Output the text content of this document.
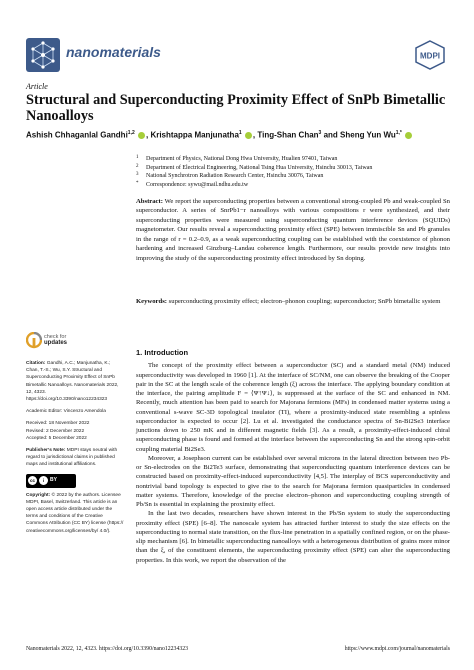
nanomaterials	MDPI
Article
Structural and Superconducting Proximity Effect of SnPb Bimetallic Nanoalloys
Ashish Chhaganlal Gandhi$^{1,2}$ , Krishtappa Manjunatha$^1$ , Ting-Shan Chan$^3$ and Sheng Yun $Wu^{1,*}$
1 Department of Physics, National Dong Hwa University, Hualien 97401, Taiwan
2 Department of Electrical Engineering, National Tsing Hua University, Hsinchu 30013, Taiwan
3 National Synchrotron Radiation Research Center, Hsinchu 30076, Taiwan
* Correspondence: sywu@mail.ndhu.edu.tw
Abstract: We report the superconducting properties between a conventional strong-coupled Pb and weak-coupled Sn superconductor. A series of SnrPb1−r nanoalloys with various compositions r were synthesized, and their superconducting properties were measured using superconducting quantum interference devices (SQUIDs) magnetometer. Our results reveal a superconducting proximity effect (SPE) between immiscible Sn and Pb granules in the range of r = 0.2–0.9, as a weak superconducting coupling can be established with the coexistence of phonon hardening and increased Ginzburg–Landau coherence length. Furthermore, our results provide new insights into improving the study of the superconducting proximity effect introduced by Sn doping.
Keywords: superconducting proximity effect; electron–phonon coupling; superconductor; SnPb bimetallic system
check for
updates
Citation: Gandhi, A.C.; Manjunatha, K.; Chan, T.-S.; Wu, S.Y. Structural and Superconducting Proximity Effect of SnPb Bimetallic Nanoalloys. Nanomaterials 2022, 12, 4323. https://doi.org/10.3390/nano12234323
Academic Editor: Vincenzo Amendola
Received: 18 November 2022
Revised: 2 December 2022
Accepted: 5 December 2022
Publisher’s Note: MDPI stays neutral with regard to jurisdictional claims in published maps and institutional affiliations.
cc	i	BY
Copyright: © 2022 by the authors. Licensee MDPI, Basel, Switzerland. This article is an open access article distributed under the terms and conditions of the Creative Commons Attribution (CC BY) license (https:// creativecommons.org/licenses/by/ 4.0/).
1. Introduction

The concept of the proximity effect between a superconductor (SC) and a standard metal (NM) induced superconductivity was developed in 1960 [1]. At the interface of SC/NM, one can observe the breaking of the Cooper pair in the SC at the length scale of the coherence length (ξ) across the interface. The applying boundary condition at the interface, the pairing amplitude F = ⟨Ψ↑Ψ↓⟩, is suppressed at the surface of the SC and enhanced in NM. Recently, much attention has been paid to search for Majorana fermions (MFs) in condensed matter systems using a conventional s-wave SC-3D topological insulator (TI), where a proximity-induced state resembling a spinless superconductor is expected to occur [2]. Lu et al. investigated the conductance spectra of Sn-Bi2Se3 interface junctions down to 250 mK and in different magnetic fields [3]. As a result, a proximity-effect-induced chiral superconducting phase is found and formed at the interface between the superconducting Sn and the strong spin-orbit coupling material Bi2Se3.

Moreover, a Josephson current can be established over several microns in the lateral direction between two Pb- or Sn-electrodes on the Bi2Te3 surface, demonstrating that superconducting quantum interference devices can be constructed based on proximity-effect-induced superconductivity [4,5]. The interplay of BCS superconductivity and nontrivial band topology is expected to give rise to the search for Majorana fermion quasiparticles in condensed matter systems. Therefore, knowledge of the precise electron–phonon and superconducting coupling strength of Pb/Sn is essential in explaining the proximity effect.

In the last two decades, researchers have shown interest in the Pb/Sn system to study the superconducting proximity effect (SPE) [6–8]. The nanoscale system has attracted further interest to study the size effects on the superconducting to normal state transition, on the flux-line penetration in a spatially confined region, or on the phase-slip mechanism [6]. In bimetallic superconducting nanoalloys with a heterogeneous distribution of grains more minor than the ξ, of the constituent elements, the superconducting proximity effect (SPE) can alter the superconducting properties. In this work, we report the observation of the

Nanomaterials 2022, 12, 4323. https://doi.org/10.3390/nano12234323	https://www.mdpi.com/journal/nanomaterials
